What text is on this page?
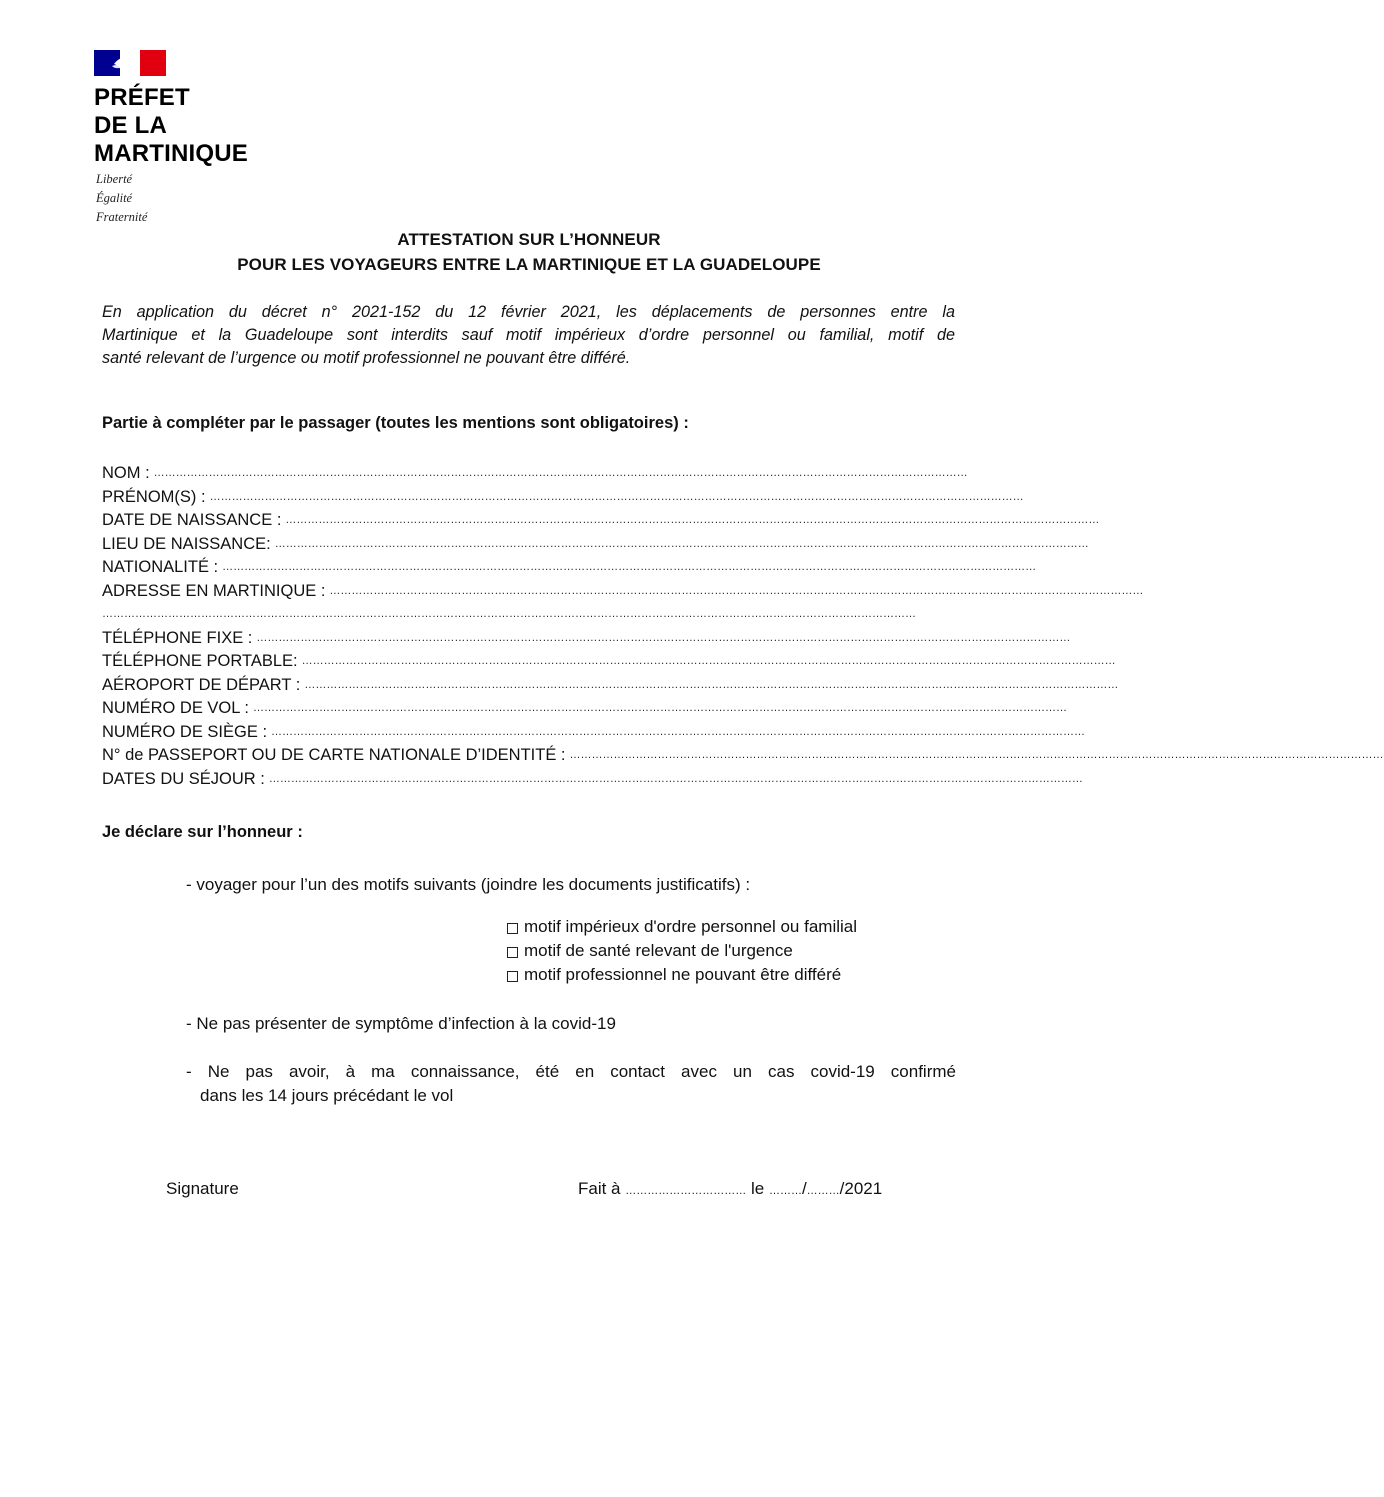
PRÉFET
DE LA
MARTINIQUE
Liberté
Égalité
Fraternité
ATTESTATION SUR L’HONNEUR
POUR LES VOYAGEURS ENTRE LA MARTINIQUE ET LA GUADELOUPE
En application du décret n° 2021-152 du 12 février 2021, les déplacements de personnes entre la
Martinique et la Guadeloupe sont interdits sauf motif impérieux d’ordre personnel ou familial, motif de
santé relevant de l’urgence ou motif professionnel ne pouvant être différé.
Partie à compléter par le passager (toutes les mentions sont obligatoires) :
NOM : ……………………………………………………………………………………………………………………………………………………………………………………………………
PRÉNOM(S) : ……………………………………………………………………………………………………………………………………………………………………………………………………
DATE DE NAISSANCE : ……………………………………………………………………………………………………………………………………………………………………………………………………
LIEU DE NAISSANCE: ……………………………………………………………………………………………………………………………………………………………………………………………………
NATIONALITÉ : ……………………………………………………………………………………………………………………………………………………………………………………………………
ADRESSE EN MARTINIQUE : ……………………………………………………………………………………………………………………………………………………………………………………………………
……………………………………………………………………………………………………………………………………………………………………………………………………
TÉLÉPHONE FIXE : ……………………………………………………………………………………………………………………………………………………………………………………………………
TÉLÉPHONE PORTABLE: ……………………………………………………………………………………………………………………………………………………………………………………………………
AÉROPORT DE DÉPART : ……………………………………………………………………………………………………………………………………………………………………………………………………
NUMÉRO DE VOL : ……………………………………………………………………………………………………………………………………………………………………………………………………
NUMÉRO DE SIÈGE : ……………………………………………………………………………………………………………………………………………………………………………………………………
N° de PASSEPORT OU DE CARTE NATIONALE D’IDENTITÉ : ……………………………………………………………………………………………………………………………………………………………………………………………………
DATES DU SÉJOUR : ……………………………………………………………………………………………………………………………………………………………………………………………………
Je déclare sur l’honneur :
- voyager pour l’un des motifs suivants (joindre les documents justificatifs) :
motif impérieux d'ordre personnel ou familial
motif de santé relevant de l'urgence
motif professionnel ne pouvant être différé
- Ne pas présenter de symptôme d’infection à la covid-19
- Ne pas avoir, à ma connaissance, été en contact avec un cas covid-19 confirmé
dans les 14 jours précédant le vol
Signature	Fait à …………………………… le ………/………/2021
